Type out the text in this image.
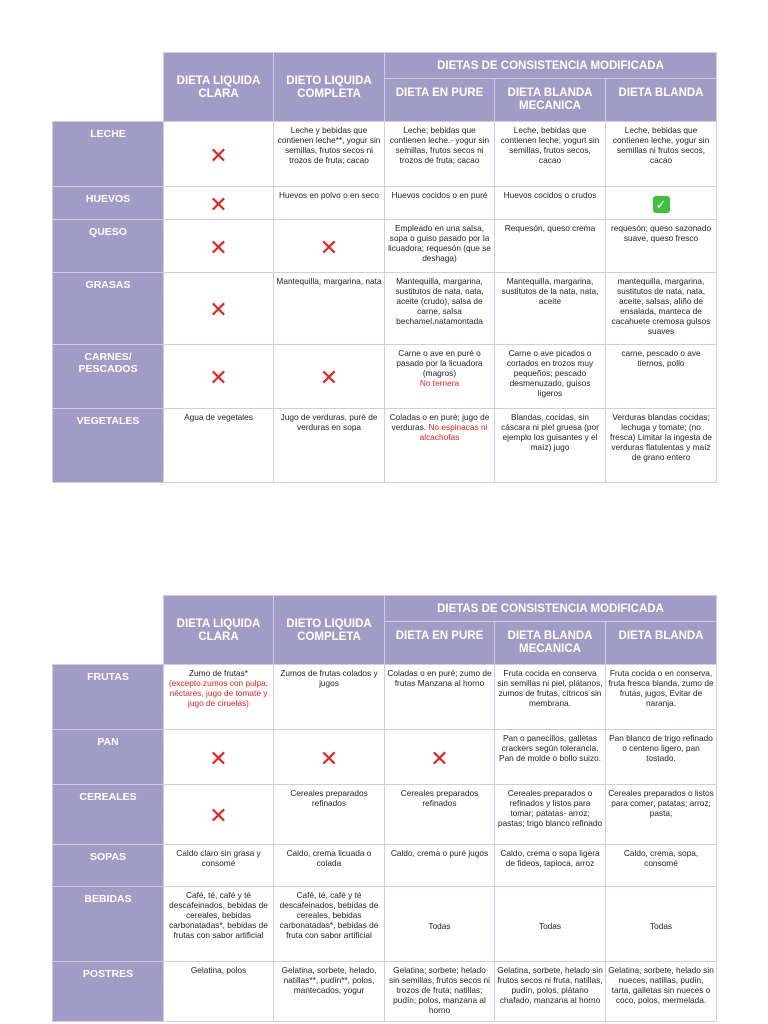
	DIETA LIQUIDA CLARA	DIETO LIQUIDA COMPLETA	DIETAS DE CONSISTENCIA MODIFICADA		
			DIETA EN PURE	DIETA BLANDA MECANICA	DIETA BLANDA
LECHE	✕	Leche y bebidas que contienen leche**, yogur sin semillas, frutos secos ni trozos de fruta; cacao	Leche; bebidas que contienen leche.- yogur sin semillas, frutos secos ni trozos de fruta; cacao	Leche, bebidas que contienen leche, yogurt sin semillas, frutos secos, cacao	Leche, bebidas que contienen leche, yogur sin semillas ni frutos secos, cacao
HUEVOS	✕	Huevos en polvo o en seco	Huevos cocidos o en puré	Huevos cocidos o crudos	✓
QUESO	✕	✕	Empleado en una salsa, sopa o guiso pasado por la licuadora; requesón (que se deshaga)	Requesón, queso crema	requesón; queso sazonado suave, queso fresco
GRASAS	✕	Mantequilla, margarina, nata	Mantequilla, margarina, sustitutos de nata, nata, aceite (crudo), salsa de carne, salsa bechamel,natamontada	Mantequilla, margarina, sustitutos de la nata, nata, aceite	mantequilla, margarina, sustitutos de nata, nata, aceite, salsas, aliño de ensalada, manteca de cacahuete cremosa gulsos suaves
CARNES/ PESCADOS	✕	✕	Carne o ave en puré o pasado por la licuadora (magros)
No ternera	Carne o ave picados o cortados en trozos muy pequeños; pescado desmenuzado, guisos ligeros	carne, pescado o ave tiernos, pollo
VEGETALES	Agua de vegetales	Jugo de verduras, puré de verduras en sopa	Coladas o en puré; jugo de verduras. No espinacas ni alcachofas	Blandas, cocidas, sin cáscara ni piel gruesa (por ejemplo los guisantes y el maíz) jugo	Verduras blandas cocidas; lechuga y tomate; (no fresca) Limitar la ingesta de verduras flatulentas y maíz de grano entero
	DIETA LIQUIDA CLARA	DIETO LIQUIDA COMPLETA	DIETAS DE CONSISTENCIA MODIFICADA		
			DIETA EN PURE	DIETA BLANDA MECANICA	DIETA BLANDA
FRUTAS	Zumo de frutas*
(excepto zumos con pulpa, néctares, jugo de tomate y jugo de ciruelas)	Zumos de frutas colados y jugos	Coladas o en puré; zumo de frutas Manzana al horno	Fruta cocida en conserva sin semillas ni piel, plátanos, zumos de frutas, cítricos sin membrana.	Fruta cocida o en conserva, fruta fresca blanda, zumo de frutas, jugos, Evitar de naranja.
PAN	✕	✕	✕	Pan o panecillos, galletas crackers según tolerancia. Pan de molde o bollo suizo.	Pan blanco de trigo refinado o centeno ligero, pan tostado.
CEREALES	✕	Cereales preparados refinados	Cereales preparados refinados	Cereales preparados o refinados y listos para tomar; patatas- arroz; pastas; trigo blanco refinado	Cereales preparados o listos para comer; patatas; arroz; pasta;
SOPAS	Caldo claro sin grasa y consomé	Caldo, crema licuada o colada	Caldo, crema o puré jugos	Caldo, crema o sopa ligera de fideos, tapioca, arroz	Caldo, crema, sopa, consomé
BEBIDAS	Café, té, café y té descafeinados, bebidas de cereales, bebidas carbonatadas*, bebidas de frutas con sabor artificial	Café, té, café y té descafeinados, bebidas de cereales, bebidas carbonatadas*, bebidas de fruta con sabor artificial	Todas	Todas	Todas
POSTRES	Gelatina, polos	Gelatina, sorbete, helado, natillas**, pudín**, polos, mantecados, yogur	Gelatina; sorbete; helado sin semillas, frutos secos ni trozos de fruta; natillas; pudín; polos, manzana al horno	Gelatina, sorbete, helado sin frutos secos ni fruta, natillas, pudín, polos, plátano chafado, manzana al horno	Gelatina, sorbete, helado sin nueces, natillas, pudín, tarta, galletas sin nueces o coco, polos, mermelada.
